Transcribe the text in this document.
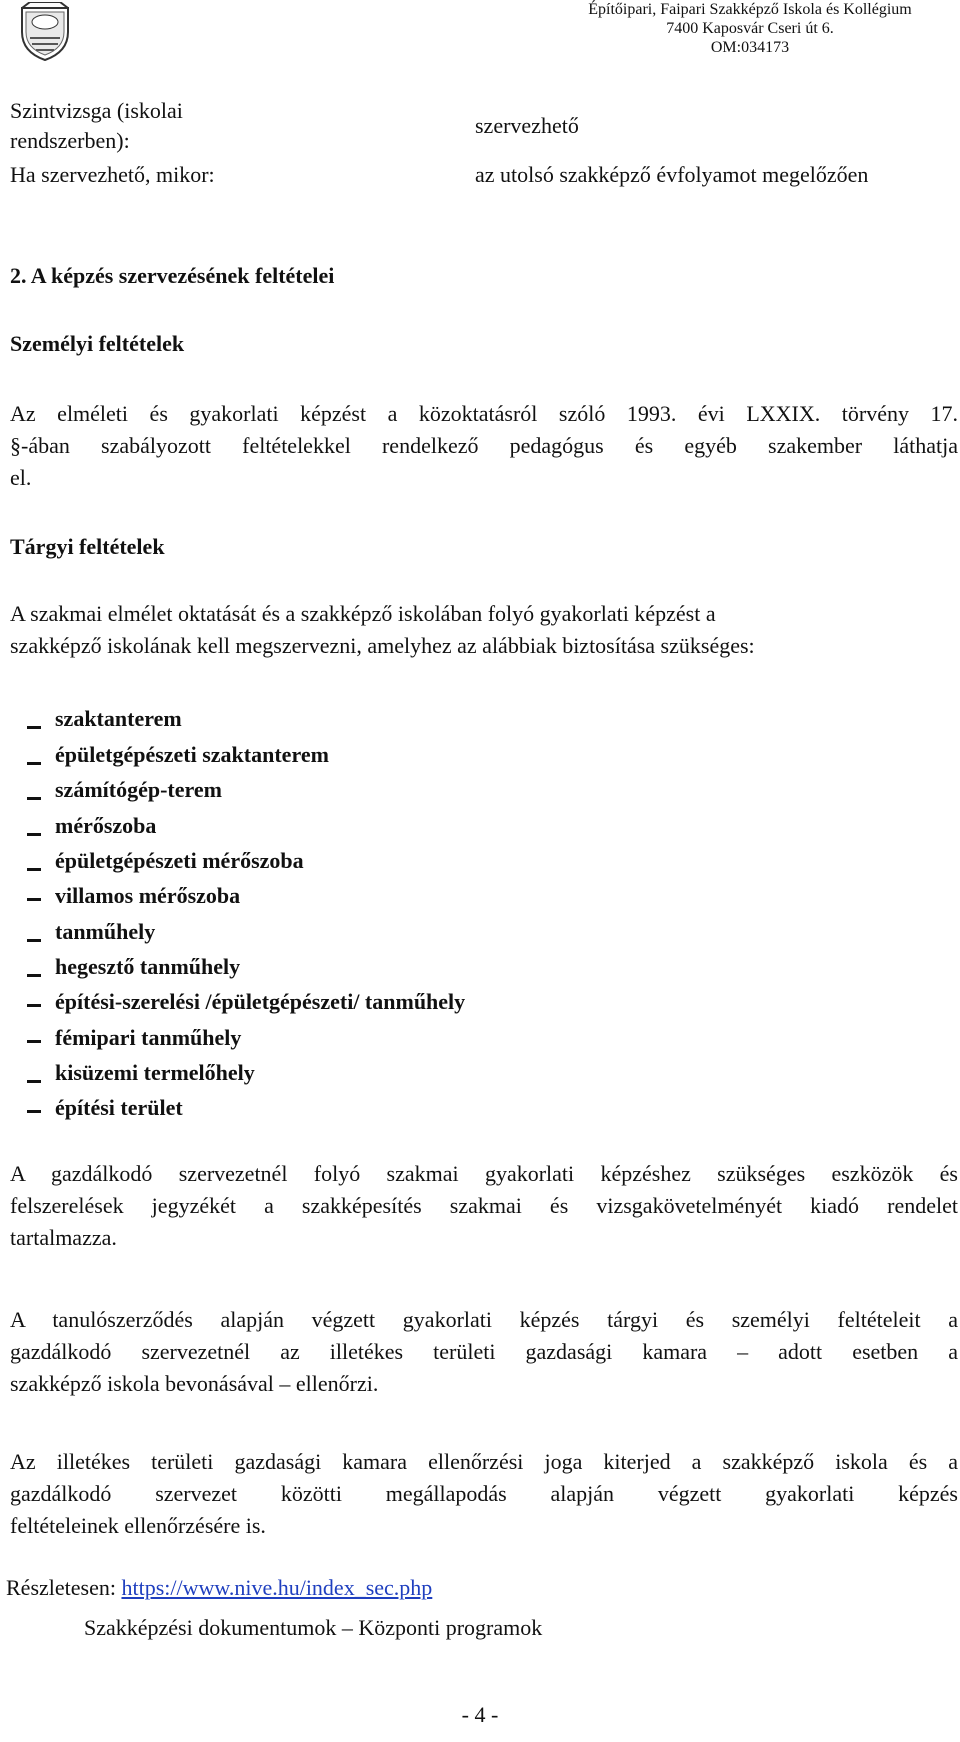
Építőipari, Faipari Szakképző Iskola és Kollégium
7400 Kaposvár Cseri út 6.
OM:034173
Szintvizsga (iskolai rendszerben):
Ha szervezhető, mikor:
szervezhető
az utolsó szakképző évfolyamot megelőzően
2. A képzés szervezésének feltételei
Személyi feltételek
Az elméleti és gyakorlati képzést a közoktatásról szóló 1993. évi LXXIX. törvény 17.
§-ában szabályozott feltételekkel rendelkező pedagógus és egyéb szakember láthatja
el.
Tárgyi feltételek
A szakmai elmélet oktatását és a szakképző iskolában folyó gyakorlati képzést a
szakképző iskolának kell megszervezni, amelyhez az alábbiak biztosítása szükséges:
szaktanterem
épületgépészeti szaktanterem
számítógép-terem
mérőszoba
épületgépészeti mérőszoba
villamos mérőszoba
tanműhely
hegesztő tanműhely
építési-szerelési /épületgépészeti/ tanműhely
fémipari tanműhely
kisüzemi termelőhely
építési terület
A gazdálkodó szervezetnél folyó szakmai gyakorlati képzéshez szükséges eszközök és
felszerelések jegyzékét a szakképesítés szakmai és vizsgakövetelményét kiadó rendelet
tartalmazza.
A tanulószerződés alapján végzett gyakorlati képzés tárgyi és személyi feltételeit a
gazdálkodó szervezetnél az illetékes területi gazdasági kamara – adott esetben a
szakképző iskola bevonásával – ellenőrzi.
Az illetékes területi gazdasági kamara ellenőrzési joga kiterjed a szakképző iskola és a
gazdálkodó szervezet közötti megállapodás alapján végzett gyakorlati képzés
feltételeinek ellenőrzésére is.
Részletesen: https://www.nive.hu/index_sec.php
Szakképzési dokumentumok – Központi programok
- 4 -
